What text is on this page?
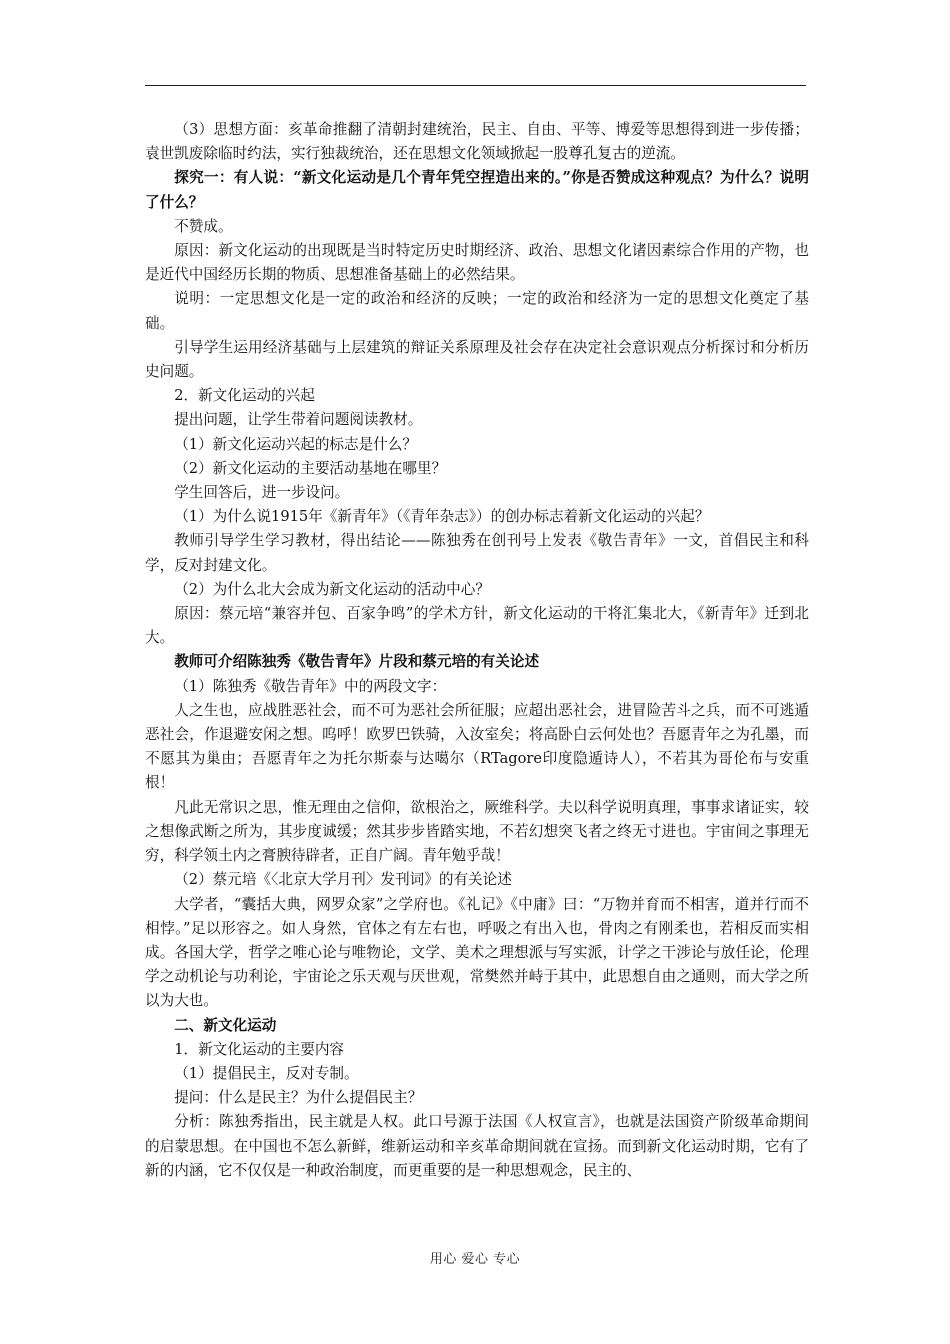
（3）思想方面：亥革命推翻了清朝封建统治，民主、自由、平等、博爱等思想得到进一步传播；袁世凯废除临时约法，实行独裁统治，还在思想文化领域掀起一股尊孔复古的逆流。

探究一：有人说：“新文化运动是几个青年凭空捏造出来的。”你是否赞成这种观点？为什么？说明了什么？

不赞成。

原因：新文化运动的出现既是当时特定历史时期经济、政治、思想文化诸因素综合作用的产物，也是近代中国经历长期的物质、思想准备基础上的必然结果。

说明：一定思想文化是一定的政治和经济的反映；一定的政治和经济为一定的思想文化奠定了基础。

引导学生运用经济基础与上层建筑的辩证关系原理及社会存在决定社会意识观点分析探讨和分析历史问题。

2．新文化运动的兴起

提出问题，让学生带着问题阅读教材。

（1）新文化运动兴起的标志是什么？

（2）新文化运动的主要活动基地在哪里？

学生回答后，进一步设问。

（1）为什么说1915年《新青年》（《青年杂志》）的创办标志着新文化运动的兴起？

教师引导学生学习教材，得出结论——陈独秀在创刊号上发表《敬告青年》一文，首倡民主和科学，反对封建文化。

（2）为什么北大会成为新文化运动的活动中心？

原因：蔡元培“兼容并包、百家争鸣”的学术方针，新文化运动的干将汇集北大，《新青年》迁到北大。

教师可介绍陈独秀《敬告青年》片段和蔡元培的有关论述

（1）陈独秀《敬告青年》中的两段文字：

人之生也，应战胜恶社会，而不可为恶社会所征服；应超出恶社会，进冒险苦斗之兵，而不可逃遁恶社会，作退避安闲之想。呜呼！欧罗巴铁骑，入汝室矣；将高卧白云何处也？吾愿青年之为孔墨，而不愿其为巢由；吾愿青年之为托尔斯泰与达噶尔（RTagore印度隐遁诗人），不若其为哥伦布与安重根！

凡此无常识之思，惟无理由之信仰，欲根治之，厥维科学。夫以科学说明真理，事事求诸证实，较之想像武断之所为，其步度诚缓；然其步步皆踏实地，不若幻想突飞者之终无寸进也。宇宙间之事理无穷，科学领土内之膏腴待辟者，正自广阔。青年勉乎哉！

（2）蔡元培《〈北京大学月刊〉发刊词》的有关论述

大学者，“囊括大典，网罗众家”之学府也。《礼记》《中庸》曰：“万物并育而不相害，道并行而不相悖。”足以形容之。如人身然，官体之有左右也，呼吸之有出入也，骨肉之有刚柔也，若相反而实相成。各国大学，哲学之唯心论与唯物论，文学、美术之理想派与写实派，计学之干涉论与放任论，伦理学之动机论与功利论，宇宙论之乐天观与厌世观，常樊然并峙于其中，此思想自由之通则，而大学之所以为大也。

二、新文化运动

1．新文化运动的主要内容

（1）提倡民主，反对专制。

提问：什么是民主？为什么提倡民主？

分析：陈独秀指出，民主就是人权。此口号源于法国《人权宣言》，也就是法国资产阶级革命期间的启蒙思想。在中国也不怎么新鲜，维新运动和辛亥革命期间就在宣扬。而到新文化运动时期，它有了新的内涵，它不仅仅是一种政治制度，而更重要的是一种思想观念，民主的、

用心 爱心 专心
